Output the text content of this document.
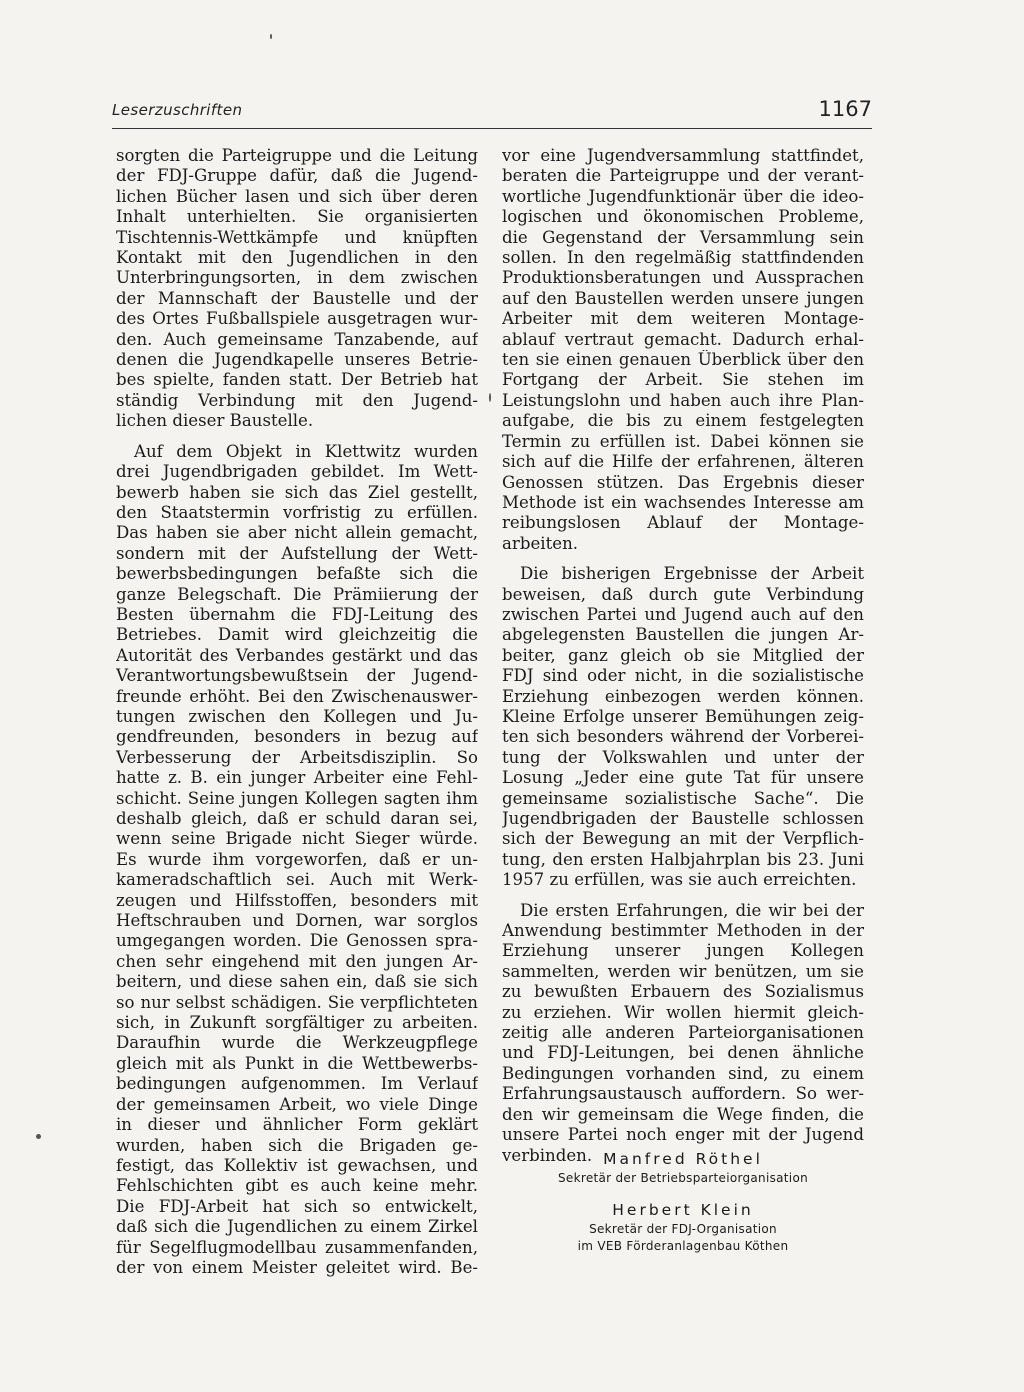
Leserzuschriften	1167
sorgten die Parteigruppe und die Leitung
der FDJ-Gruppe dafür, daß die Jugend-
lichen Bücher lasen und sich über deren
Inhalt unterhielten. Sie organisierten
Tischtennis-Wettkämpfe und knüpften
Kontakt mit den Jugendlichen in den
Unterbringungsorten, in dem zwischen
der Mannschaft der Baustelle und der
des Ortes Fußballspiele ausgetragen wur-
den. Auch gemeinsame Tanzabende, auf
denen die Jugendkapelle unseres Betrie-
bes spielte, fanden statt. Der Betrieb hat
ständig Verbindung mit den Jugend-
lichen dieser Baustelle.
Auf dem Objekt in Klettwitz wurden
drei Jugendbrigaden gebildet. Im Wett-
bewerb haben sie sich das Ziel gestellt,
den Staatstermin vorfristig zu erfüllen.
Das haben sie aber nicht allein gemacht,
sondern mit der Aufstellung der Wett-
bewerbsbedingungen befaßte sich die
ganze Belegschaft. Die Prämiierung der
Besten übernahm die FDJ-Leitung des
Betriebes. Damit wird gleichzeitig die
Autorität des Verbandes gestärkt und das
Verantwortungsbewußtsein der Jugend-
freunde erhöht. Bei den Zwischenauswer-
tungen zwischen den Kollegen und Ju-
gendfreunden, besonders in bezug auf
Verbesserung der Arbeitsdisziplin. So
hatte z. B. ein junger Arbeiter eine Fehl-
schicht. Seine jungen Kollegen sagten ihm
deshalb gleich, daß er schuld daran sei,
wenn seine Brigade nicht Sieger würde.
Es wurde ihm vorgeworfen, daß er un-
kameradschaftlich sei. Auch mit Werk-
zeugen und Hilfsstoffen, besonders mit
Heftschrauben und Dornen, war sorglos
umgegangen worden. Die Genossen spra-
chen sehr eingehend mit den jungen Ar-
beitern, und diese sahen ein, daß sie sich
so nur selbst schädigen. Sie verpflichteten
sich, in Zukunft sorgfältiger zu arbeiten.
Daraufhin wurde die Werkzeugpflege
gleich mit als Punkt in die Wettbewerbs-
bedingungen aufgenommen. Im Verlauf
der gemeinsamen Arbeit, wo viele Dinge
in dieser und ähnlicher Form geklärt
wurden, haben sich die Brigaden ge-
festigt, das Kollektiv ist gewachsen, und
Fehlschichten gibt es auch keine mehr.
Die FDJ-Arbeit hat sich so entwickelt,
daß sich die Jugendlichen zu einem Zirkel
für Segelflugmodellbau zusammenfanden,
der von einem Meister geleitet wird. Be-
vor eine Jugendversammlung stattfindet,
beraten die Parteigruppe und der verant-
wortliche Jugendfunktionär über die ideo-
logischen und ökonomischen Probleme,
die Gegenstand der Versammlung sein
sollen. In den regelmäßig stattfindenden
Produktionsberatungen und Aussprachen
auf den Baustellen werden unsere jungen
Arbeiter mit dem weiteren Montage-
ablauf vertraut gemacht. Dadurch erhal-
ten sie einen genauen Überblick über den
Fortgang der Arbeit. Sie stehen im
Leistungslohn und haben auch ihre Plan-
aufgabe, die bis zu einem festgelegten
Termin zu erfüllen ist. Dabei können sie
sich auf die Hilfe der erfahrenen, älteren
Genossen stützen. Das Ergebnis dieser
Methode ist ein wachsendes Interesse am
reibungslosen Ablauf der Montage-
arbeiten.
Die bisherigen Ergebnisse der Arbeit
beweisen, daß durch gute Verbindung
zwischen Partei und Jugend auch auf den
abgelegensten Baustellen die jungen Ar-
beiter, ganz gleich ob sie Mitglied der
FDJ sind oder nicht, in die sozialistische
Erziehung einbezogen werden können.
Kleine Erfolge unserer Bemühungen zeig-
ten sich besonders während der Vorberei-
tung der Volkswahlen und unter der
Losung „Jeder eine gute Tat für unsere
gemeinsame sozialistische Sache“. Die
Jugendbrigaden der Baustelle schlossen
sich der Bewegung an mit der Verpflich-
tung, den ersten Halbjahrplan bis 23. Juni
1957 zu erfüllen, was sie auch erreichten.
Die ersten Erfahrungen, die wir bei der
Anwendung bestimmter Methoden in der
Erziehung unserer jungen Kollegen
sammelten, werden wir benützen, um sie
zu bewußten Erbauern des Sozialismus
zu erziehen. Wir wollen hiermit gleich-
zeitig alle anderen Parteiorganisationen
und FDJ-Leitungen, bei denen ähnliche
Bedingungen vorhanden sind, zu einem
Erfahrungsaustausch auffordern. So wer-
den wir gemeinsam die Wege finden, die
unsere Partei noch enger mit der Jugend
verbinden. Manfred Röthel
Sekretär der Betriebsparteiorganisation
Herbert Klein
Sekretär der FDJ-Organisation
im VEB Förderanlagenbau Köthen
